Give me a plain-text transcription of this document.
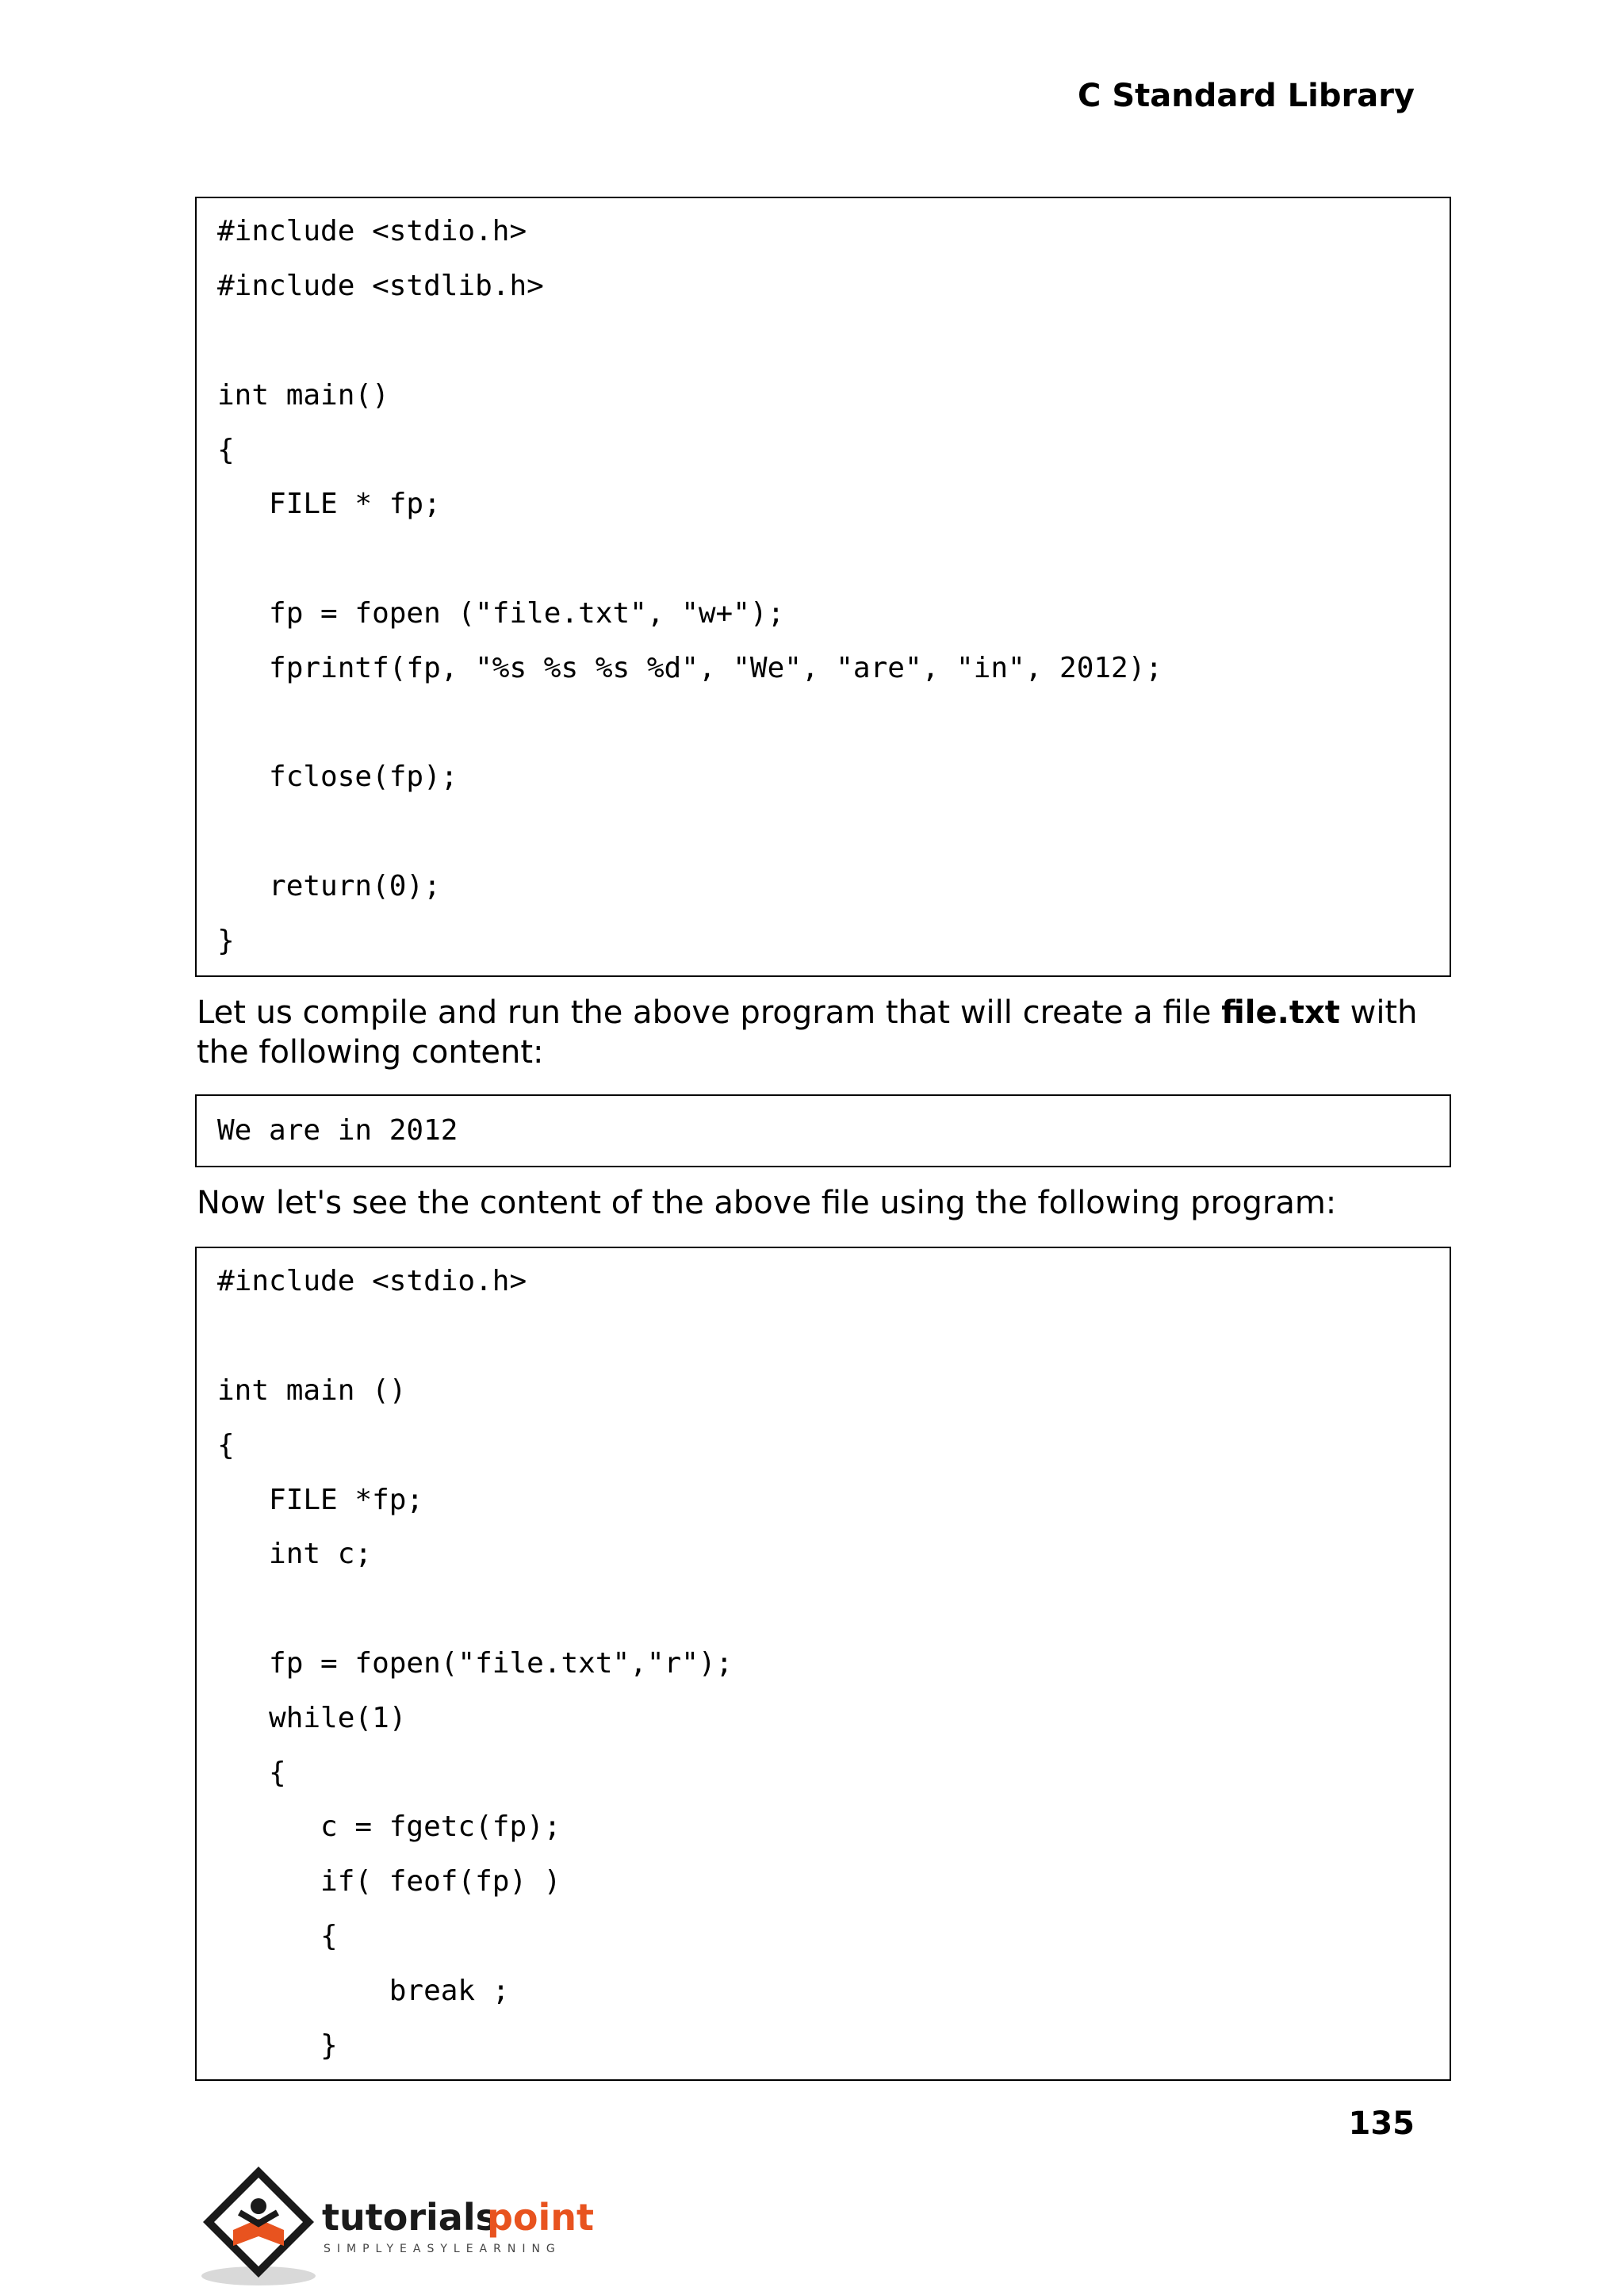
C Standard Library
#include <stdio.h>
#include <stdlib.h>
int main()
{
FILE * fp;
fp = fopen ("file.txt", "w+");
fprintf(fp, "%s %s %s %d", "We", "are", "in", 2012);
fclose(fp);
return(0);
}
Let us compile and run the above program that will create a file file.txt with the following content:
We are in 2012
Now let's see the content of the above file using the following program:
#include <stdio.h>
int main ()
{
FILE *fp;
int c;
fp = fopen("file.txt","r");
while(1)
{
c = fgetc(fp);
if( feof(fp) )
{
break ;
}
135
tutorials
point
SIMPLYEASYLEARNING
